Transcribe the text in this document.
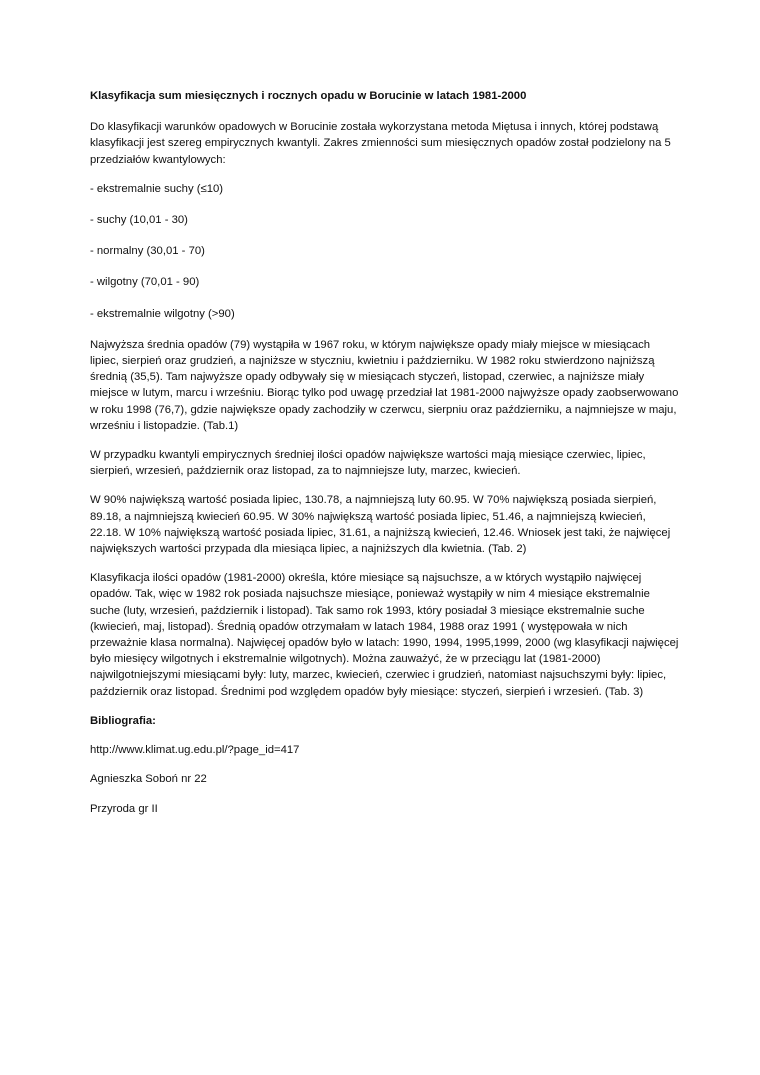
Klasyfikacja sum miesięcznych i rocznych opadu w Borucinie w latach 1981-2000

Do klasyfikacji warunków opadowych w Borucinie została wykorzystana metoda Miętusa i innych, której podstawą klasyfikacji jest szereg empirycznych kwantyli. Zakres zmienności sum miesięcznych opadów został podzielony na 5 przedziałów kwantylowych:

- ekstremalnie suchy (≤10)

- suchy (10,01 - 30)

- normalny (30,01 - 70)

- wilgotny (70,01 - 90)

- ekstremalnie wilgotny (>90)

Najwyższa średnia opadów (79) wystąpiła w 1967 roku, w którym największe opady miały miejsce w miesiącach lipiec, sierpień oraz grudzień, a najniższe w styczniu, kwietniu i październiku. W 1982 roku stwierdzono najniższą średnią (35,5). Tam najwyższe opady odbywały się w miesiącach styczeń, listopad, czerwiec, a najniższe miały miejsce w lutym, marcu i wrześniu. Biorąc tylko pod uwagę przedział lat 1981-2000 najwyższe opady zaobserwowano w roku 1998 (76,7), gdzie największe opady zachodziły w czerwcu, sierpniu oraz październiku, a najmniejsze w maju, wrześniu i listopadzie. (Tab.1)

W przypadku kwantyli empirycznych średniej ilości opadów największe wartości mają miesiące czerwiec, lipiec, sierpień, wrzesień, październik oraz listopad, za to najmniejsze luty, marzec, kwiecień.

W 90% największą wartość posiada lipiec, 130.78, a najmniejszą luty 60.95. W 70% największą posiada sierpień, 89.18, a najmniejszą kwiecień 60.95. W 30% największą wartość posiada lipiec, 51.46, a najmniejszą kwiecień, 22.18. W 10% największą wartość posiada lipiec, 31.61, a najniższą kwiecień, 12.46. Wniosek jest taki, że najwięcej największych wartości przypada dla miesiąca lipiec, a najniższych dla kwietnia. (Tab. 2)

Klasyfikacja ilości opadów (1981-2000) określa, które miesiące są najsuchsze, a w których wystąpiło najwięcej opadów. Tak, więc w 1982 rok posiada najsuchsze miesiące, ponieważ wystąpiły w nim 4 miesiące ekstremalnie suche (luty, wrzesień, październik i listopad). Tak samo rok 1993, który posiadał 3 miesiące ekstremalnie suche (kwiecień, maj, listopad). Średnią opadów otrzymałam w latach 1984, 1988 oraz 1991 ( występowała w nich przeważnie klasa normalna). Najwięcej opadów było w latach: 1990, 1994, 1995,1999, 2000 (wg klasyfikacji najwięcej było miesięcy wilgotnych i ekstremalnie wilgotnych). Można zauważyć, że w przeciągu lat (1981-2000) najwilgotniejszymi miesiącami były: luty, marzec, kwiecień, czerwiec i grudzień, natomiast najsuchszymi były: lipiec, październik oraz listopad. Średnimi pod względem opadów były miesiące: styczeń, sierpień i wrzesień. (Tab. 3)

Bibliografia:

http://www.klimat.ug.edu.pl/?page_id=417

Agnieszka Soboń nr 22

Przyroda gr II
